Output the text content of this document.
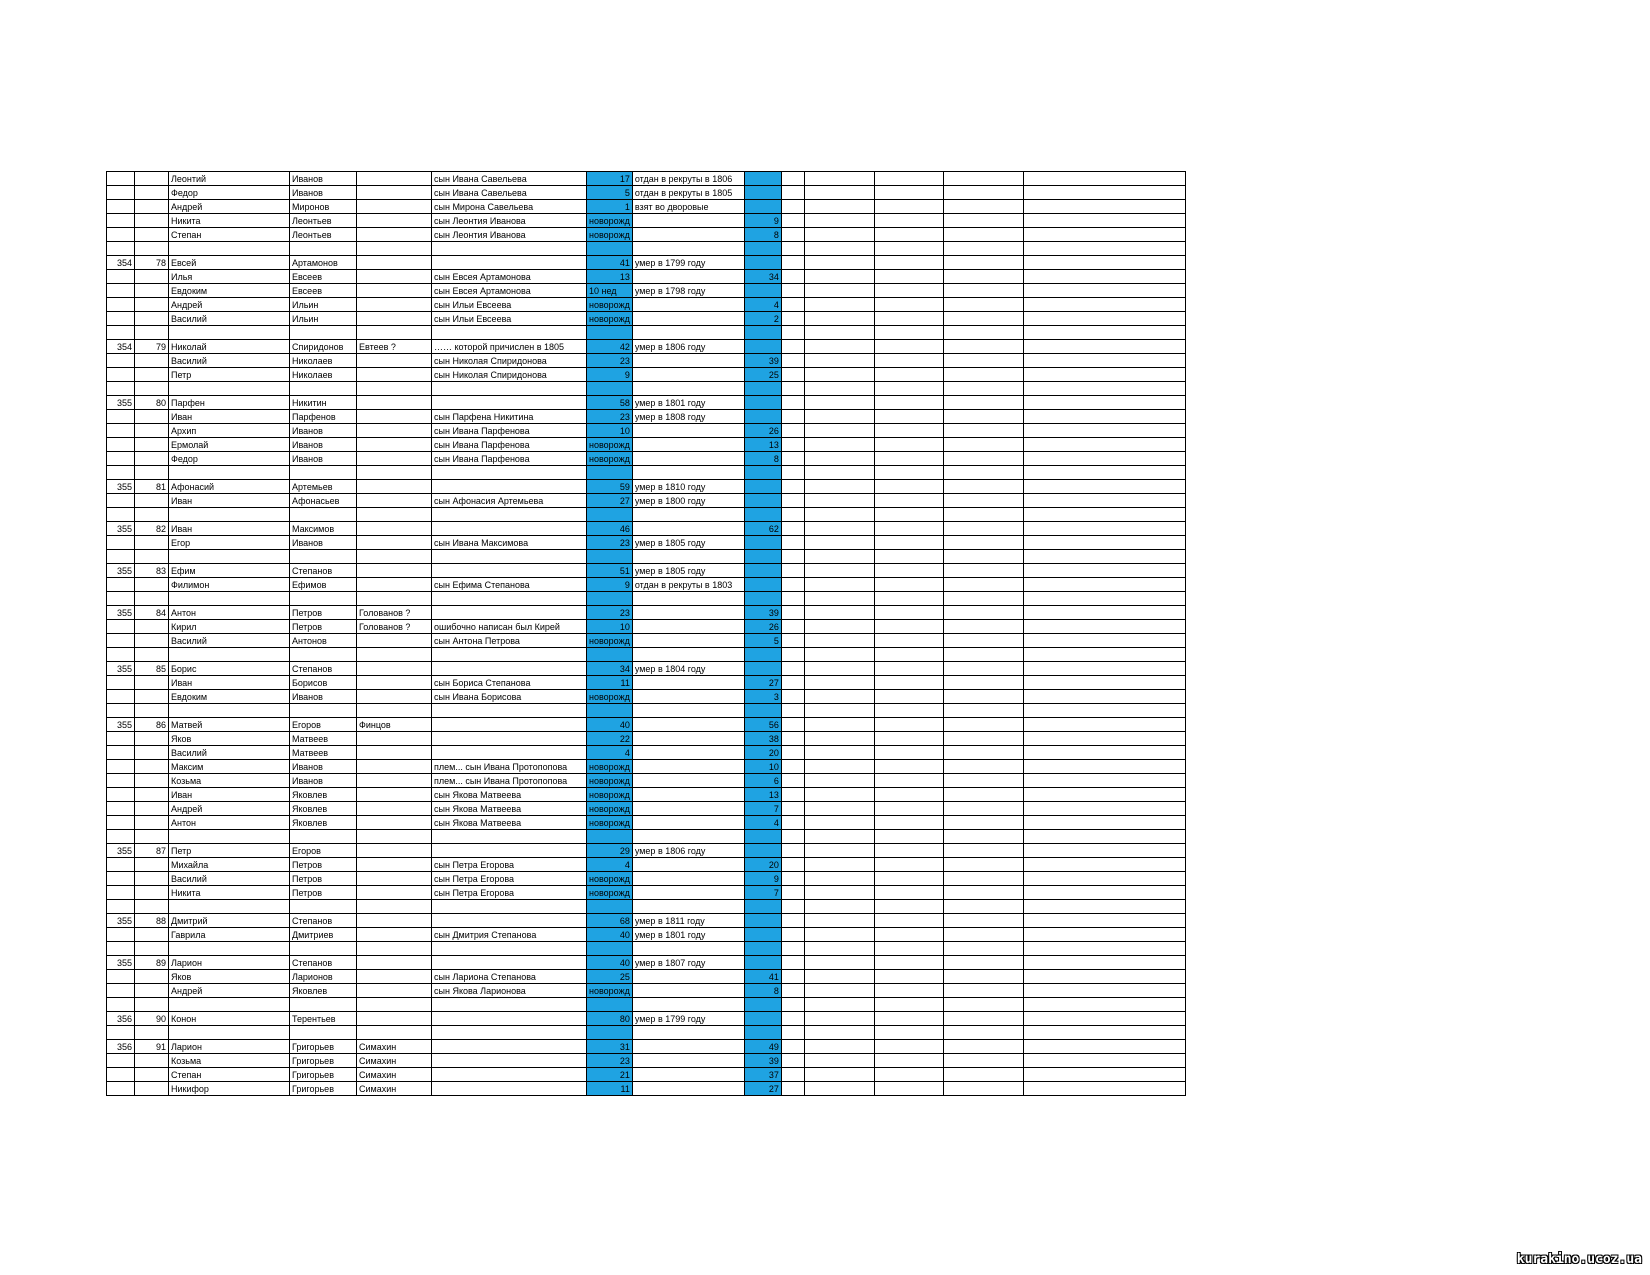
		Леонтий	Иванов		сын Ивана Савельева	17	отдан в рекруты в 1806						
		Федор	Иванов		сын Ивана Савельева	5	отдан в рекруты в 1805						
		Андрей	Миронов		сын Мирона Савельева	1	взят во дворовые						
		Никита	Леонтьев		сын Леонтия Иванова	новорожд		9					
		Степан	Леонтьев		сын Леонтия Иванова	новорожд		8					

354	78	Евсей	Артамонов			41	умер в 1799 году						
		Илья	Евсеев		сын Евсея Артамонова	13		34					
		Евдоким	Евсеев		сын Евсея Артамонова	10 нед	умер в 1798 году						
		Андрей	Ильин		сын Ильи Евсеева	новорожд		4					
		Василий	Ильин		сын Ильи Евсеева	новорожд		2					

354	79	Николай	Спиридонов	Евтеев ?	…… которой причислен в 1805	42	умер в 1806 году						
		Василий	Николаев		сын Николая Спиридонова	23		39					
		Петр	Николаев		сын Николая Спиридонова	9		25					

355	80	Парфен	Никитин			58	умер в 1801 году						
		Иван	Парфенов		сын Парфена Никитина	23	умер в 1808 году						
		Архип	Иванов		сын Ивана Парфенова	10		26					
		Ермолай	Иванов		сын Ивана Парфенова	новорожд		13					
		Федор	Иванов		сын Ивана Парфенова	новорожд		8					

355	81	Афонасий	Артемьев			59	умер в 1810 году						
		Иван	Афонасьев		сын Афонасия Артемьева	27	умер в 1800 году						

355	82	Иван	Максимов			46		62					
		Егор	Иванов		сын Ивана Максимова	23	умер в 1805 году						

355	83	Ефим	Степанов			51	умер в 1805 году						
		Филимон	Ефимов		сын Ефима Степанова	9	отдан в рекруты в 1803						

355	84	Антон	Петров	Голованов ?		23		39					
		Кирил	Петров	Голованов ?	ошибочно написан был Кирей	10		26					
		Василий	Антонов		сын Антона Петрова	новорожд		5					

355	85	Борис	Степанов			34	умер в 1804 году						
		Иван	Борисов		сын Бориса Степанова	11		27					
		Евдоким	Иванов		сын Ивана Борисова	новорожд		3					

355	86	Матвей	Егоров	Финцов		40		56					
		Яков	Матвеев			22		38					
		Василий	Матвеев			4		20					
		Максим	Иванов		плем... сын Ивана Протопопова	новорожд		10					
		Козьма	Иванов		плем... сын Ивана Протопопова	новорожд		6					
		Иван	Яковлев		сын Якова Матвеева	новорожд		13					
		Андрей	Яковлев		сын Якова Матвеева	новорожд		7					
		Антон	Яковлев		сын Якова Матвеева	новорожд		4					

355	87	Петр	Егоров			29	умер в 1806 году						
		Михайла	Петров		сын Петра Егорова	4		20					
		Василий	Петров		сын Петра Егорова	новорожд		9					
		Никита	Петров		сын Петра Егорова	новорожд		7					

355	88	Дмитрий	Степанов			68	умер в 1811 году						
		Гаврила	Дмитриев		сын Дмитрия Степанова	40	умер в 1801 году						

355	89	Ларион	Степанов			40	умер в 1807 году						
		Яков	Ларионов		сын Лариона Степанова	25		41					
		Андрей	Яковлев		сын Якова Ларионова	новорожд		8					

356	90	Конон	Терентьев			80	умер в 1799 году						

356	91	Ларион	Григорьев	Симахин		31		49					
		Козьма	Григорьев	Симахин		23		39					
		Степан	Григорьев	Симахин		21		37					
		Никифор	Григорьев	Симахин		11		27					
kurakino.ucoz.ua
